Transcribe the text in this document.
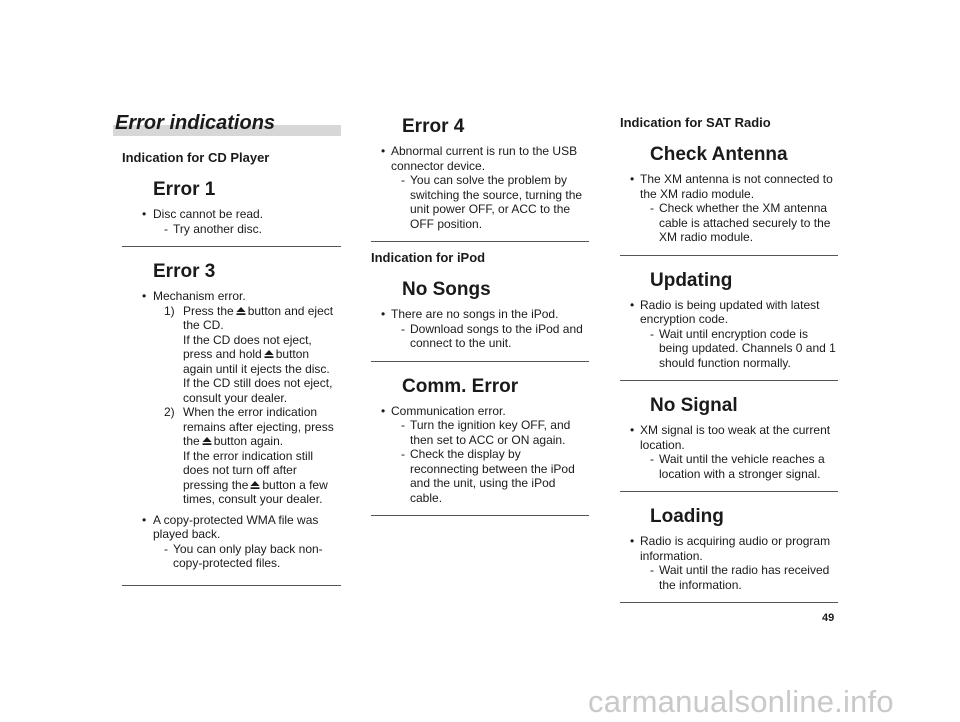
Error indications
Indication for CD Player
Error 1
• Disc cannot be read.
- Try another disc.
Error 3
• Mechanism error.
1) Press the button and eject the CD.

If the CD does not eject, press and hold button again until it ejects the disc.

If the CD still does not eject, consult your dealer.

2) When the error indication remains after ejecting, press the button again.

If the error indication still does not turn off after pressing the button a few times, consult your dealer.

• A copy-protected WMA file was played back.
- You can only play back non-copy-protected files.
Error 4
• Abnormal current is run to the USB connector device.
- You can solve the problem by switching the source, turning the unit power OFF, or ACC to the OFF position.
Indication for iPod
No Songs
• There are no songs in the iPod.
- Download songs to the iPod and connect to the unit.
Comm. Error
• Communication error.
- Turn the ignition key OFF, and then set to ACC or ON again.
- Check the display by reconnecting between the iPod and the unit, using the iPod cable.
Indication for SAT Radio
Check Antenna
• The XM antenna is not connected to the XM radio module.
- Check whether the XM antenna cable is attached securely to the XM radio module.
Updating
• Radio is being updated with latest encryption code.
- Wait until encryption code is being updated. Channels 0 and 1 should function normally.
No Signal
• XM signal is too weak at the current location.
- Wait until the vehicle reaches a location with a stronger signal.
Loading
• Radio is acquiring audio or program information.
- Wait until the radio has received the information.
49
carmanualsonline.info
